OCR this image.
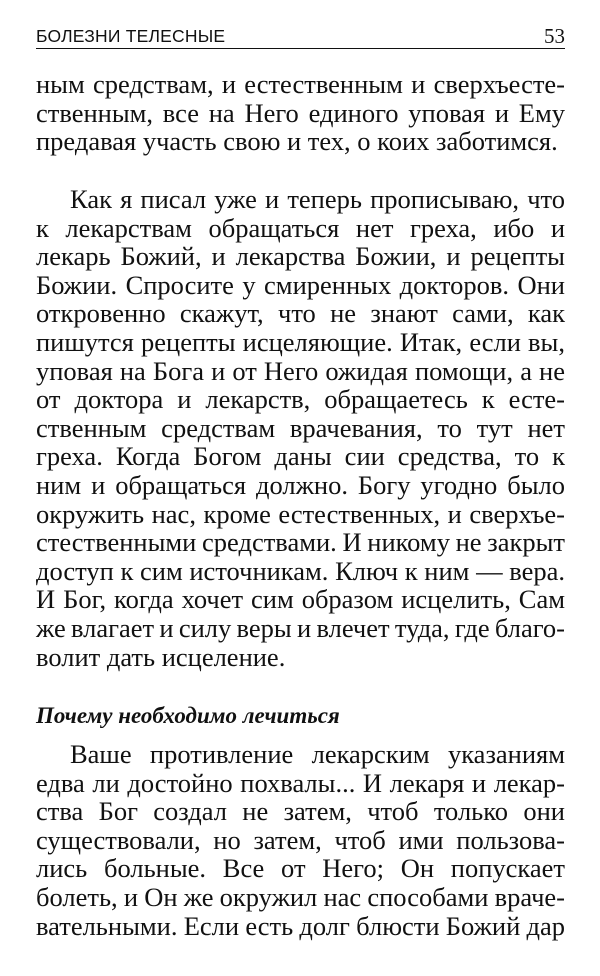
БОЛЕЗНИ ТЕЛЕСНЫЕ	53
ным средствам, и естественным и сверхъесте-
ственным, все на Него единого уповая и Ему
предавая участь свою и тех, о коих заботимся.
Как я писал уже и теперь прописываю, что
к лекарствам обращаться нет греха, ибо и
лекарь Божий, и лекарства Божии, и рецепты
Божии. Спросите у смиренных докторов. Они
откровенно скажут, что не знают сами, как
пишутся рецепты исцеляющие. Итак, если вы,
уповая на Бога и от Него ожидая помощи, а не
от доктора и лекарств, обращаетесь к есте-
ственным средствам врачевания, то тут нет
греха. Когда Богом даны сии средства, то к
ним и обращаться должно. Богу угодно было
окружить нас, кроме естественных, и сверхъе-
стественными средствами. И никому не закрыт
доступ к сим источникам. Ключ к ним — вера.
И Бог, когда хочет сим образом исцелить, Сам
же влагает и силу веры и влечет туда, где благо-
волит дать исцеление.
Почему необходимо лечиться
Ваше противление лекарским указаниям
едва ли достойно похвалы... И лекаря и лекар-
ства Бог создал не затем, чтоб только они
существовали, но затем, чтоб ими пользова-
лись больные. Все от Него; Он попускает
болеть, и Он же окружил нас способами враче-
вательными. Если есть долг блюсти Божий дар
